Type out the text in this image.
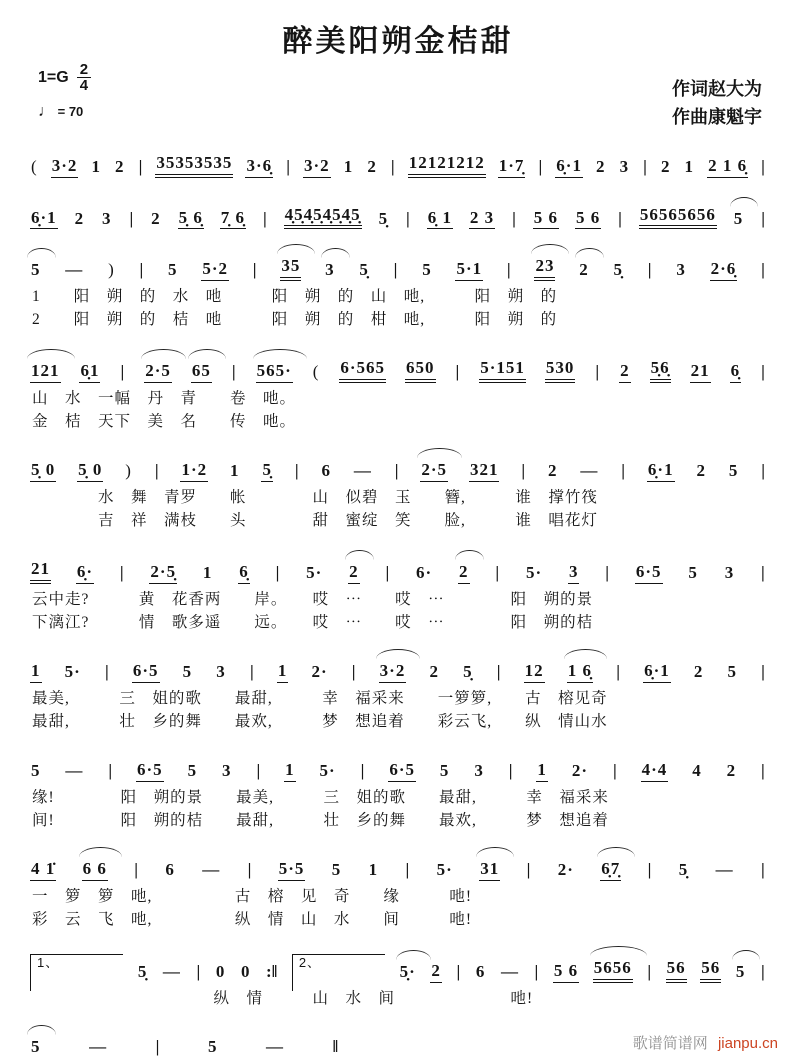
醉美阳朔金桔甜
$1=G \frac{2}{4}$
♩ = 70
作词赵大为
作曲康魁宇
( 3·2 1 2 | 35353535 3·6̣ | 3·2 1 2 | 12121212 1·7̣ | 6̣·1 2 3 | 2 1 2 1 6̣ |
6̣·1 2 3 | 2 5̣ 6̣ 7̣ 6̣ | 4̣5̣4̣5̣4̣5̣4̣5̣ 5̣ | 6̣ 1 2 3 | 5 6 5 6 | 56565656 5 |
5 — ) | 5 5·2 | 35 3 5̣ | 5 5·1 | 23 2 5̣ | 3 2·6̣ |
1　　阳　朔　的　水　吔　　　阳　朔　的　山　吔,　　　阳　朔　的
2　　阳　朔　的　桔　吔　　　阳　朔　的　柑　吔,　　　阳　朔　的
121 6̣1 | 2·5 65 | 565· ( 6·565 650 | 5·151 530 | 2 5̣6̣ 21 6̣ |
山　水　一幅　丹　青　　卷　吔。
金　桔　天下　美　名　　传　吔。
5̣ 0 5̣ 0 ) | 1·2 1 5̣ | 6 — | 2·5 321 | 2 — | 6̣·1 2 5 |
　　　　水　舞　青罗　　帐　　　　山　似碧　玉　　簪,　　　谁　撑竹筏
　　　　吉　祥　满枝　　头　　　　甜　蜜绽　笑　　脸,　　　谁　唱花灯
21 6̣· | 2·5̣ 1 6̣ | 5· 2 | 6· 2 | 5· 3 | 6·5 5 3 |
云中走?　　　黄　花香两　　岸。　　哎　⋯　　哎　⋯　　　　阳　朔的景
下漓江?　　　情　歌多遥　　远。　　哎　⋯　　哎　⋯　　　　阳　朔的桔
1 5· | 6·5 5 3 | 1 2· | 3·2 2 5̣ | 12 1 6̣ | 6̣·1 2 5 |
最美,　　　三　姐的歌　　最甜,　　　幸　福采来　　一箩箩,　　古　榕见奇
最甜,　　　壮　乡的舞　　最欢,　　　梦　想追着　　彩云飞,　　纵　情山水
5 — | 6·5 5 3 | 1 5· | 6·5 5 3 | 1 2· | 4·4 4 2 |
缘!　　　　阳　朔的景　　最美,　　　三　姐的歌　　最甜,　　　幸　福采来
间!　　　　阳　朔的桔　　最甜,　　　壮　乡的舞　　最欢,　　　梦　想追着
4 1̇ 6 6 | 6 — | 5·5 5 1 | 5· 31 | 2· 6̣7̣ | 5̣ — |
一　箩　箩　吔,　　　　　古　榕　见　奇　　缘　　　吔!
彩　云　飞　吔,　　　　　纵　情　山　水　　间　　　吔!
1、	5̣ — | 0 0 :‖	2、	5̣· 2 | 6 — | 5 6 5656 | 56 56 5 |
　　　　　　　　　　　纵　情　　　山　水　间　　　　　　　吔!
5	—	|	5	—	‖	歌谱简谱网 jianpu.cn
